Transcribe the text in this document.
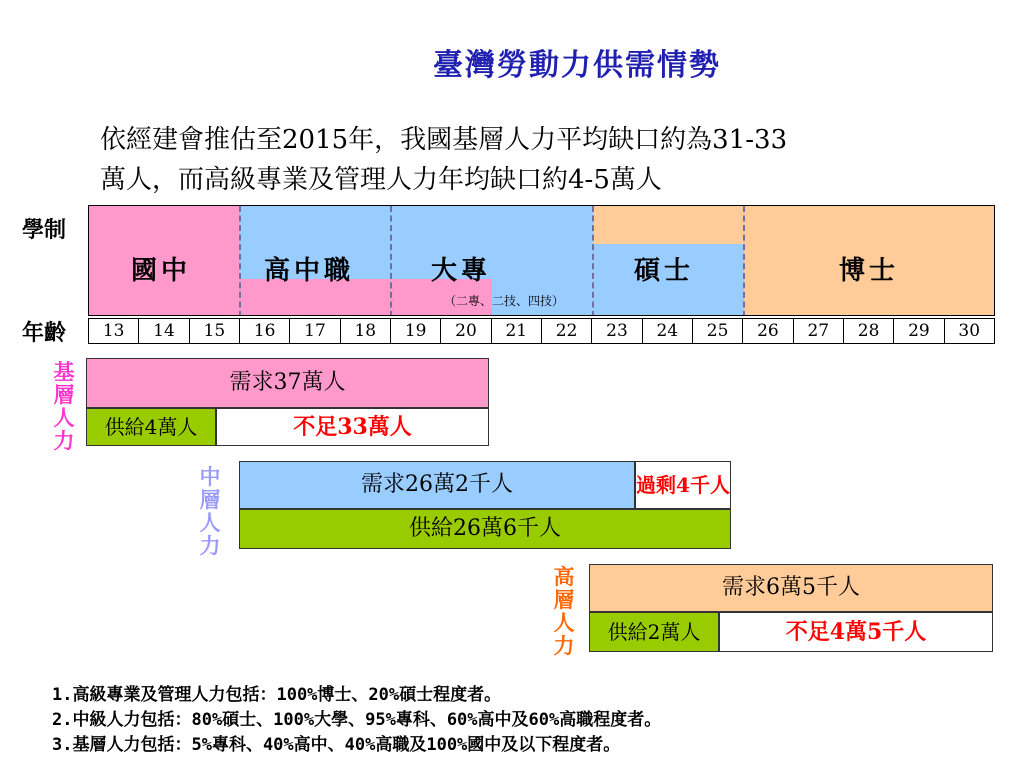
臺灣勞動力供需情勢
依經建會推估至2015年，我國基層人力平均缺口約為31-33
萬人，而高級專業及管理人力年均缺口約4-5萬人
學制
年齡
國中	高中職	大專
（二專、二技、四技）
碩士	博士
13	14	15	16	17	18	19	20	21	22	23	24	25	26	27	28	29	30
基
層
人
力
需求37萬人
供給4萬人	不足33萬人
中
層
人
力
需求26萬2千人	過剩4千人
供給26萬6千人
高
層
人
力
需求6萬5千人
供給2萬人	不足4萬5千人
1.高級專業及管理人力包括：100%博士、20%碩士程度者。
2.中級人力包括：80%碩士、100%大學、95%專科、60%高中及60%高職程度者。
3.基層人力包括：5%專科、40%高中、40%高職及100%國中及以下程度者。
